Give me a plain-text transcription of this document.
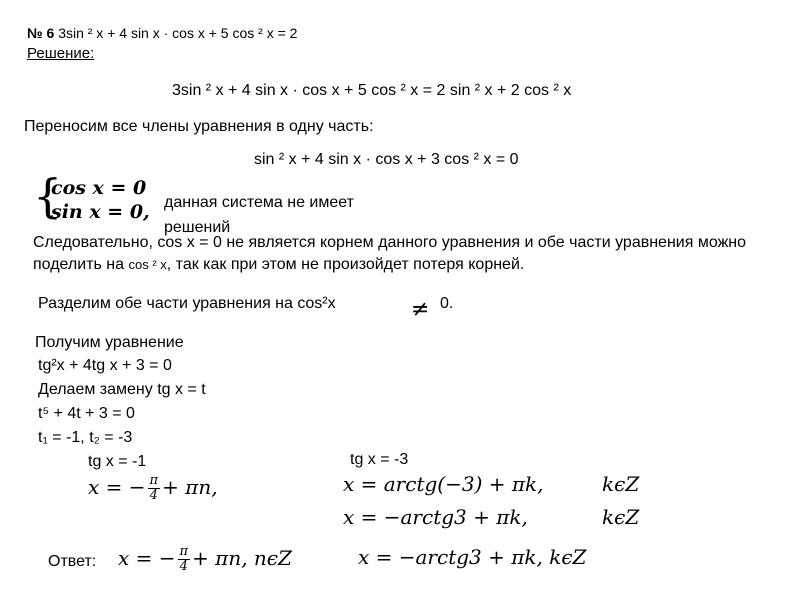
№ 6 3sin ² x + 4 sin x · cos x + 5 cos ² x = 2
Решение:
3sin ² x + 4 sin x · cos x + 5 cos ² x = 2 sin ² x + 2 cos ² x
Переносим все члены уравнения в одну часть:
sin ² x + 4 sin x · cos x + 3 cos ² x = 0
{
cos x = 0
sin x = 0, данная система не имеет
решений
Следовательно, cos x = 0 не является корнем данного уравнения и обе части уравнения можно поделить на cos ² x, так как при этом не произойдет потеря корней.
Разделим обе части уравнения на cos²x	≠ 0.
Получим уравнение
tg²x + 4tg x + 3 = 0
Делаем замену tg x = t
t⁵ + 4t + 3 = 0
t₁ = -1, t₂ = -3
tg x = -1
x = − $\frac{\pi}{4} + \pi n$,
tg x = -3
x = arctg(−3) + πk,	kϵZ
x = −arctg3 + πk,	kϵZ
Ответ: x = − $\frac{\pi}{4} + \pi n$, nϵZ	x = −arctg3 + πk, kϵZ
